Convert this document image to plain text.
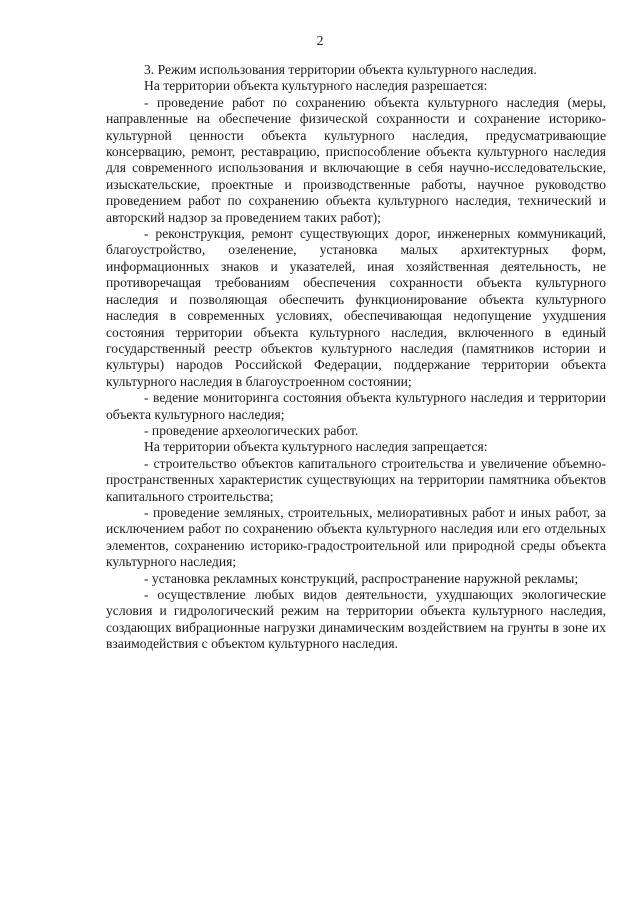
2

3. Режим использования территории объекта культурного наследия.

На территории объекта культурного наследия разрешается:

- проведение работ по сохранению объекта культурного наследия (меры, направленные на обеспечение физической сохранности и сохранение историко-культурной ценности объекта культурного наследия, предусматривающие консервацию, ремонт, реставрацию, приспособление объекта культурного наследия для современного использования и включающие в себя научно-исследовательские, изыскательские, проектные и производственные работы, научное руководство проведением работ по сохранению объекта культурного наследия, технический и авторский надзор за проведением таких работ);

- реконструкция, ремонт существующих дорог, инженерных коммуникаций, благоустройство, озеленение, установка малых архитектурных форм, информационных знаков и указателей, иная хозяйственная деятельность, не противоречащая требованиям обеспечения сохранности объекта культурного наследия и позволяющая обеспечить функционирование объекта культурного наследия в современных условиях, обеспечивающая недопущение ухудшения состояния территории объекта культурного наследия, включенного в единый государственный реестр объектов культурного наследия (памятников истории и культуры) народов Российской Федерации, поддержание территории объекта культурного наследия в благоустроенном состоянии;

- ведение мониторинга состояния объекта культурного наследия и территории объекта культурного наследия;

- проведение археологических работ.

На территории объекта культурного наследия запрещается:

- строительство объектов капитального строительства и увеличение объемно-пространственных характеристик существующих на территории памятника объектов капитального строительства;

- проведение земляных, строительных, мелиоративных работ и иных работ, за исключением работ по сохранению объекта культурного наследия или его отдельных элементов, сохранению историко-градостроительной или природной среды объекта культурного наследия;

- установка рекламных конструкций, распространение наружной рекламы;

- осуществление любых видов деятельности, ухудшающих экологические условия и гидрологический режим на территории объекта культурного наследия, создающих вибрационные нагрузки динамическим воздействием на грунты в зоне их взаимодействия с объектом культурного наследия.
